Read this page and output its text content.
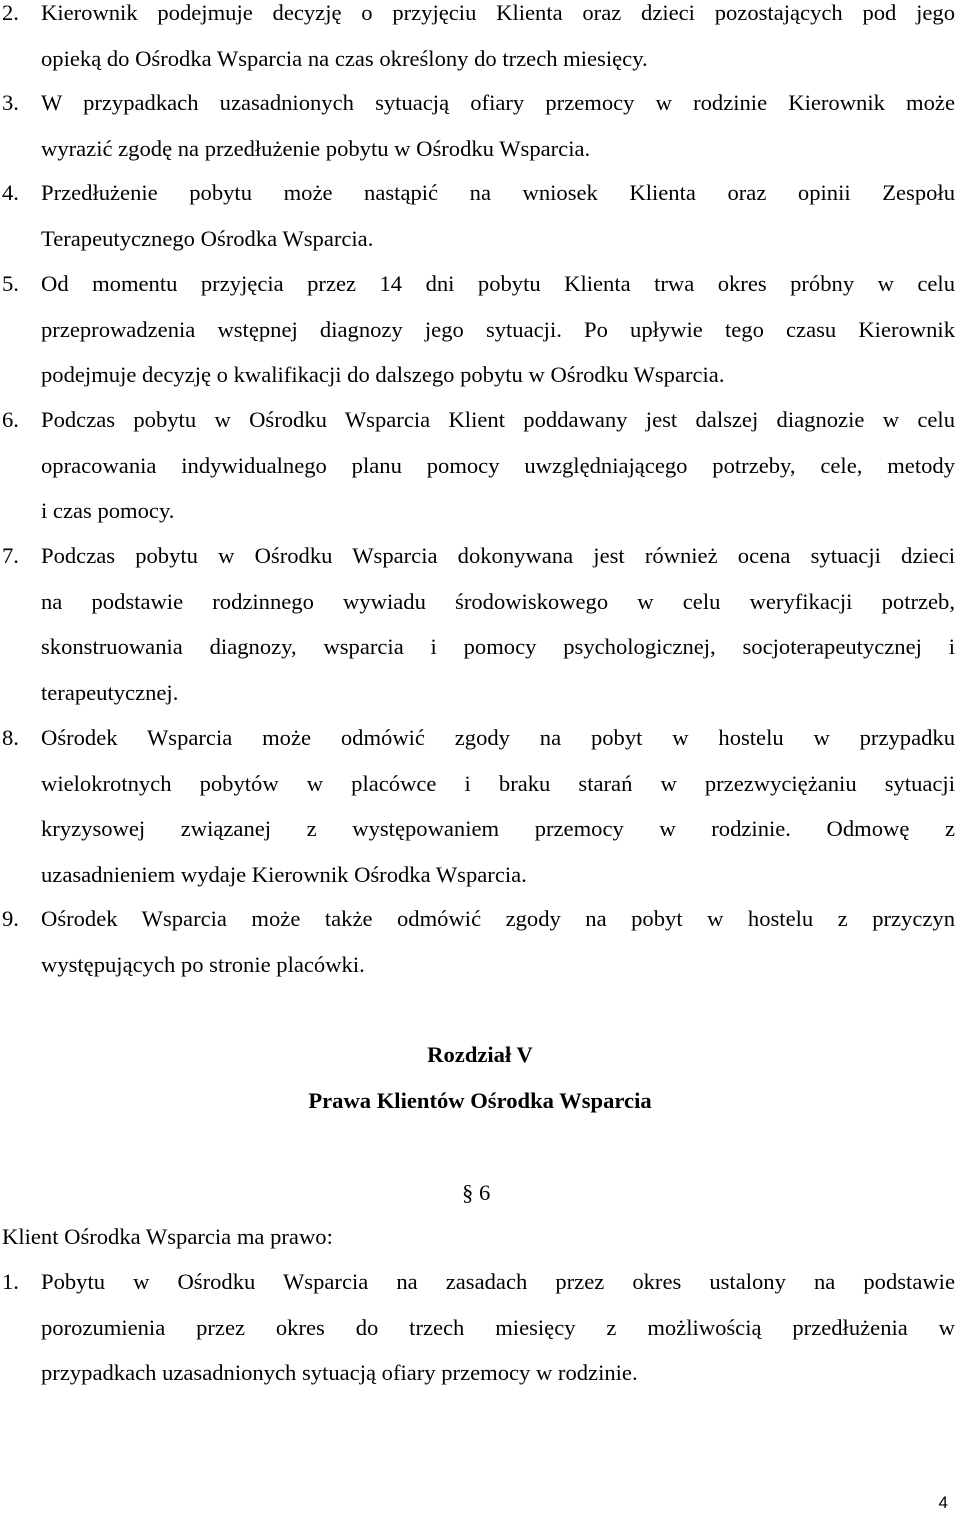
2. Kierownik podejmuje decyzję o przyjęciu Klienta oraz dzieci pozostających pod jego
opieką do Ośrodka Wsparcia na czas określony do trzech miesięcy.
3. W przypadkach uzasadnionych sytuacją ofiary przemocy w rodzinie Kierownik może
wyrazić zgodę na przedłużenie pobytu w Ośrodku Wsparcia.
4. Przedłużenie pobytu może nastąpić na wniosek Klienta oraz opinii Zespołu
Terapeutycznego Ośrodka Wsparcia.
5. Od momentu przyjęcia przez 14 dni pobytu Klienta trwa okres próbny w celu
przeprowadzenia wstępnej diagnozy jego sytuacji. Po upływie tego czasu Kierownik
podejmuje decyzję o kwalifikacji do dalszego pobytu w Ośrodku Wsparcia.
6. Podczas pobytu w Ośrodku Wsparcia Klient poddawany jest dalszej diagnozie w celu
opracowania indywidualnego planu pomocy uwzględniającego potrzeby, cele, metody
i czas pomocy.
7. Podczas pobytu w Ośrodku Wsparcia dokonywana jest również ocena sytuacji dzieci
na podstawie rodzinnego wywiadu środowiskowego w celu weryfikacji potrzeb,
skonstruowania diagnozy, wsparcia i pomocy psychologicznej, socjoterapeutycznej i
terapeutycznej.
8. Ośrodek Wsparcia może odmówić zgody na pobyt w hostelu w przypadku
wielokrotnych pobytów w placówce i braku starań w przezwyciężaniu sytuacji
kryzysowej związanej z występowaniem przemocy w rodzinie. Odmowę z
uzasadnieniem wydaje Kierownik Ośrodka Wsparcia.
9. Ośrodek Wsparcia może także odmówić zgody na pobyt w hostelu z przyczyn
występujących po stronie placówki.
Rozdział V
Prawa Klientów Ośrodka Wsparcia
§ 6
Klient Ośrodka Wsparcia ma prawo:
1. Pobytu w Ośrodku Wsparcia na zasadach przez okres ustalony na podstawie
porozumienia przez okres do trzech miesięcy z możliwością przedłużenia w
przypadkach uzasadnionych sytuacją ofiary przemocy w rodzinie.
4
